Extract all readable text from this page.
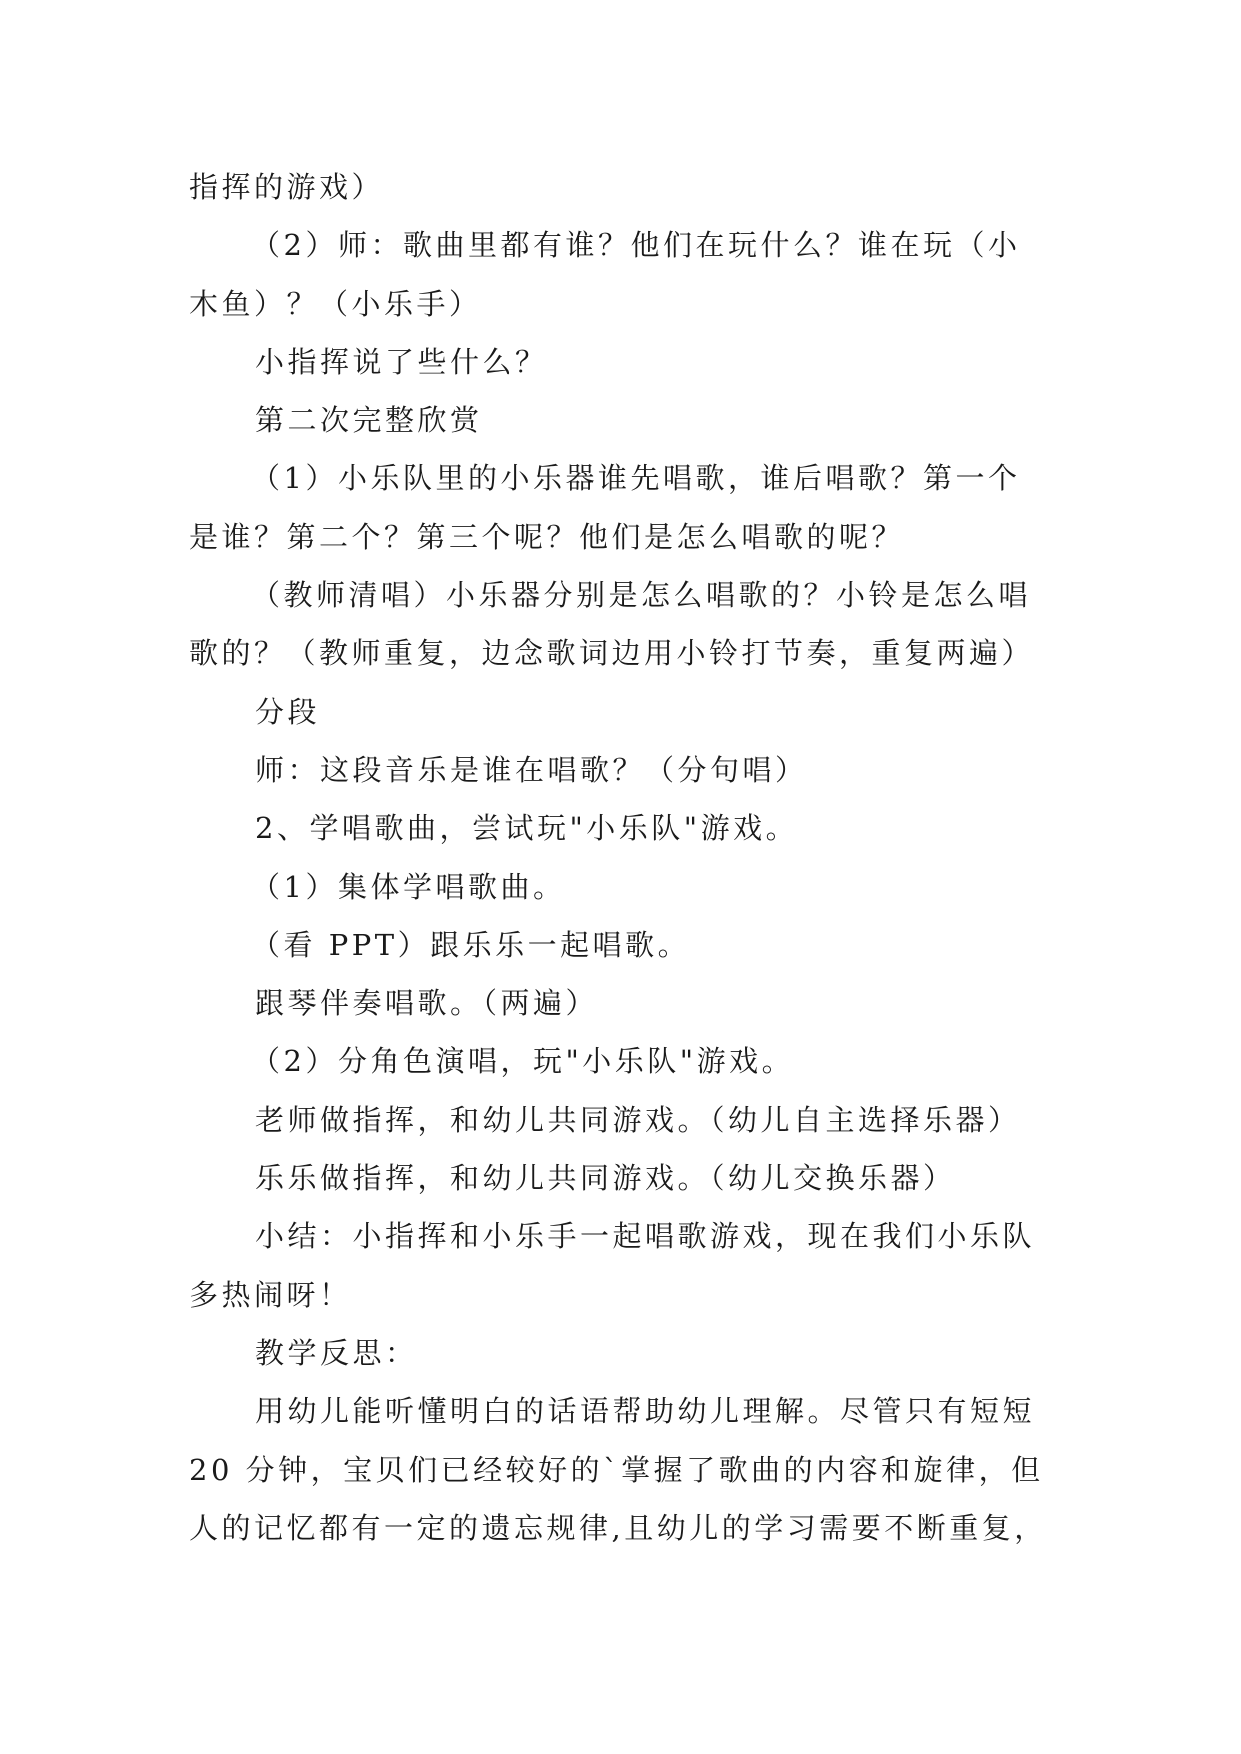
指挥的游戏）
（2）师：歌曲里都有谁？他们在玩什么？谁在玩（小
木鱼）？（小乐手）
小指挥说了些什么？
第二次完整欣赏
（1）小乐队里的小乐器谁先唱歌，谁后唱歌？第一个
是谁？第二个？第三个呢？他们是怎么唱歌的呢？
（教师清唱）小乐器分别是怎么唱歌的？小铃是怎么唱
歌的？（教师重复，边念歌词边用小铃打节奏，重复两遍）
分段
师：这段音乐是谁在唱歌？（分句唱）
2、学唱歌曲，尝试玩"小乐队"游戏。
（1）集体学唱歌曲。
（看 PPT）跟乐乐一起唱歌。
跟琴伴奏唱歌。（两遍）
（2）分角色演唱，玩"小乐队"游戏。
老师做指挥，和幼儿共同游戏。（幼儿自主选择乐器）
乐乐做指挥，和幼儿共同游戏。（幼儿交换乐器）
小结：小指挥和小乐手一起唱歌游戏，现在我们小乐队
多热闹呀！
教学反思：
用幼儿能听懂明白的话语帮助幼儿理解。尽管只有短短
20 分钟，宝贝们已经较好的`掌握了歌曲的内容和旋律，但
人的记忆都有一定的遗忘规律,且幼儿的学习需要不断重复，
